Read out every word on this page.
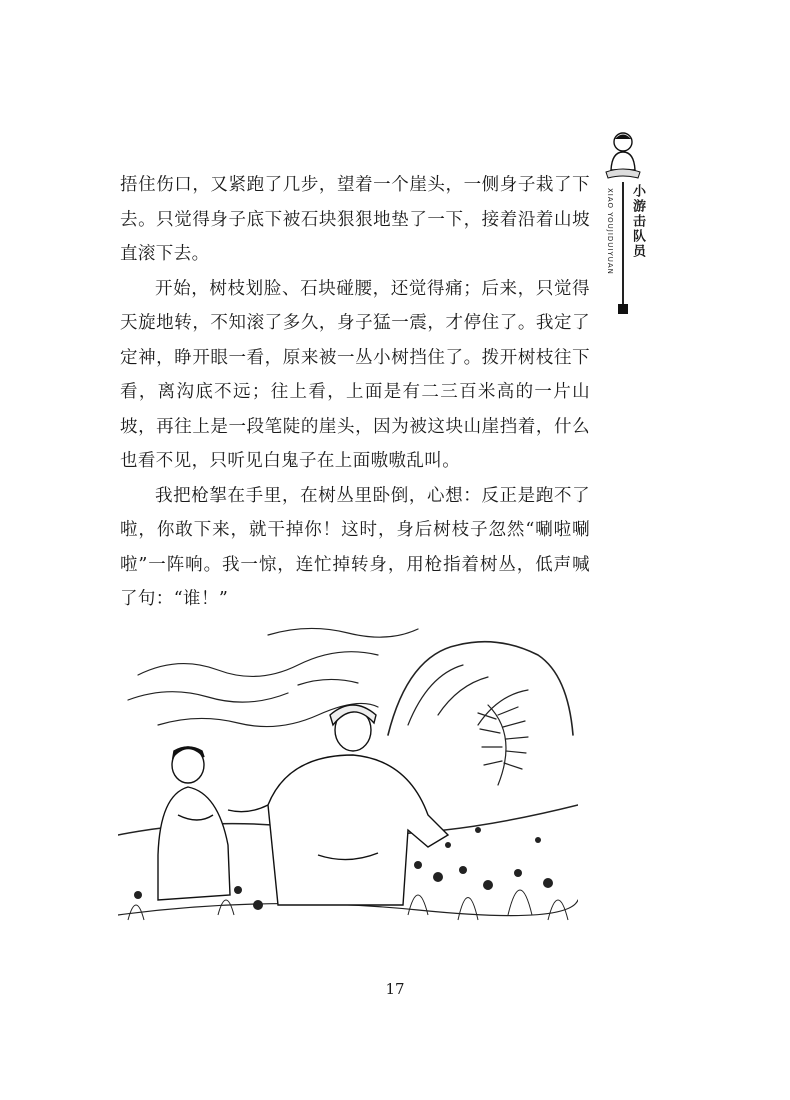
小游击队员
XIAO YOUJIDUIYUAN

捂住伤口，又紧跑了几步，望着一个崖头，一侧身子栽了下去。只觉得身子底下被石块狠狠地垫了一下，接着沿着山坡直滚下去。

开始，树枝划脸、石块碰腰，还觉得痛；后来，只觉得天旋地转，不知滚了多久，身子猛一震，才停住了。我定了定神，睁开眼一看，原来被一丛小树挡住了。拨开树枝往下看，离沟底不远；往上看，上面是有二三百米高的一片山坡，再往上是一段笔陡的崖头，因为被这块山崖挡着，什么也看不见，只听见白鬼子在上面嗷嗷乱叫。

我把枪挐在手里，在树丛里卧倒，心想：反正是跑不了啦，你敢下来，就干掉你！这时，身后树枝子忽然“唰啦唰啦”一阵响。我一惊，连忙掉转身，用枪指着树丛，低声喊了句：“谁！”

17
